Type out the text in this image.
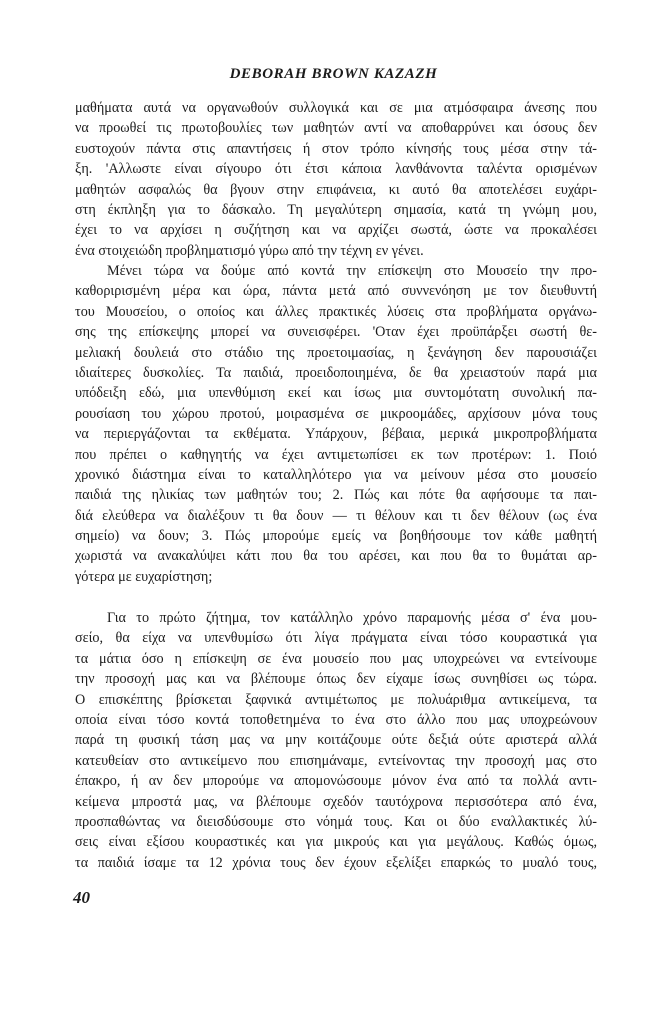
DEBORAH BROWN KAZAZH
μαθήματα αυτά να οργανωθούν συλλογικά και σε μια ατμόσφαιρα άνεσης που
να προωθεί τις πρωτοβουλίες των μαθητών αντί να αποθαρρύνει και όσους δεν
ευστοχούν πάντα στις απαντήσεις ή στον τρόπο κίνησής τους μέσα στην τά-
ξη. 'Αλλωστε είναι σίγουρο ότι έτσι κάποια λανθάνοντα ταλέντα ορισμένων
μαθητών ασφαλώς θα βγουν στην επιφάνεια, κι αυτό θα αποτελέσει ευχάρι-
στη έκπληξη για το δάσκαλο. Τη μεγαλύτερη σημασία, κατά τη γνώμη μου,
έχει το να αρχίσει η συζήτηση και να αρχίζει σωστά, ώστε να προκαλέσει
ένα στοιχειώδη προβληματισμό γύρω από την τέχνη εν γένει.
Μένει τώρα να δούμε από κοντά την επίσκεψη στο Μουσείο την προ-
καθοριρισμένη μέρα και ώρα, πάντα μετά από συννενόηση με τον διευθυντή
του Μουσείου, ο οποίος και άλλες πρακτικές λύσεις στα προβλήματα οργάνω-
σης της επίσκεψης μπορεί να συνεισφέρει. 'Οταν έχει προϋπάρξει σωστή θε-
μελιακή δουλειά στο στάδιο της προετοιμασίας, η ξενάγηση δεν παρουσιάζει
ιδιαίτερες δυσκολίες. Τα παιδιά, προειδοποιημένα, δε θα χρειαστούν παρά μια
υπόδειξη εδώ, μια υπενθύμιση εκεί και ίσως μια συντομότατη συνολική πα-
ρουσίαση του χώρου προτού, μοιρασμένα σε μικροομάδες, αρχίσουν μόνα τους
να περιεργάζονται τα εκθέματα. Υπάρχουν, βέβαια, μερικά μικροπροβλήματα
που πρέπει ο καθηγητής να έχει αντιμετωπίσει εκ των προτέρων: 1. Ποιό
χρονικό διάστημα είναι το καταλληλότερο για να μείνουν μέσα στο μουσείο
παιδιά της ηλικίας των μαθητών του; 2. Πώς και πότε θα αφήσουμε τα παι-
διά ελεύθερα να διαλέξουν τι θα δουν — τι θέλουν και τι δεν θέλουν (ως ένα
σημείο) να δουν; 3. Πώς μπορούμε εμείς να βοηθήσουμε τον κάθε μαθητή
χωριστά να ανακαλύψει κάτι που θα του αρέσει, και που θα το θυμάται αρ-
γότερα με ευχαρίστηση;
Για το πρώτο ζήτημα, τον κατάλληλο χρόνο παραμονής μέσα σ' ένα μου-
σείο, θα είχα να υπενθυμίσω ότι λίγα πράγματα είναι τόσο κουραστικά για
τα μάτια όσο η επίσκεψη σε ένα μουσείο που μας υποχρεώνει να εντείνουμε
την προσοχή μας και να βλέπουμε όπως δεν είχαμε ίσως συνηθίσει ως τώρα.
Ο επισκέπτης βρίσκεται ξαφνικά αντιμέτωπος με πολυάριθμα αντικείμενα, τα
οποία είναι τόσο κοντά τοποθετημένα το ένα στο άλλο που μας υποχρεώνουν
παρά τη φυσική τάση μας να μην κοιτάζουμε ούτε δεξιά ούτε αριστερά αλλά
κατευθείαν στο αντικείμενο που επισημάναμε, εντείνοντας την προσοχή μας στο
έπακρο, ή αν δεν μπορούμε να απομονώσουμε μόνον ένα από τα πολλά αντι-
κείμενα μπροστά μας, να βλέπουμε σχεδόν ταυτόχρονα περισσότερα από ένα,
προσπαθώντας να διεισδύσουμε στο νόημά τους. Και οι δύο εναλλακτικές λύ-
σεις είναι εξίσου κουραστικές και για μικρούς και για μεγάλους. Καθώς όμως,
τα παιδιά ίσαμε τα 12 χρόνια τους δεν έχουν εξελίξει επαρκώς το μυαλό τους,
40
